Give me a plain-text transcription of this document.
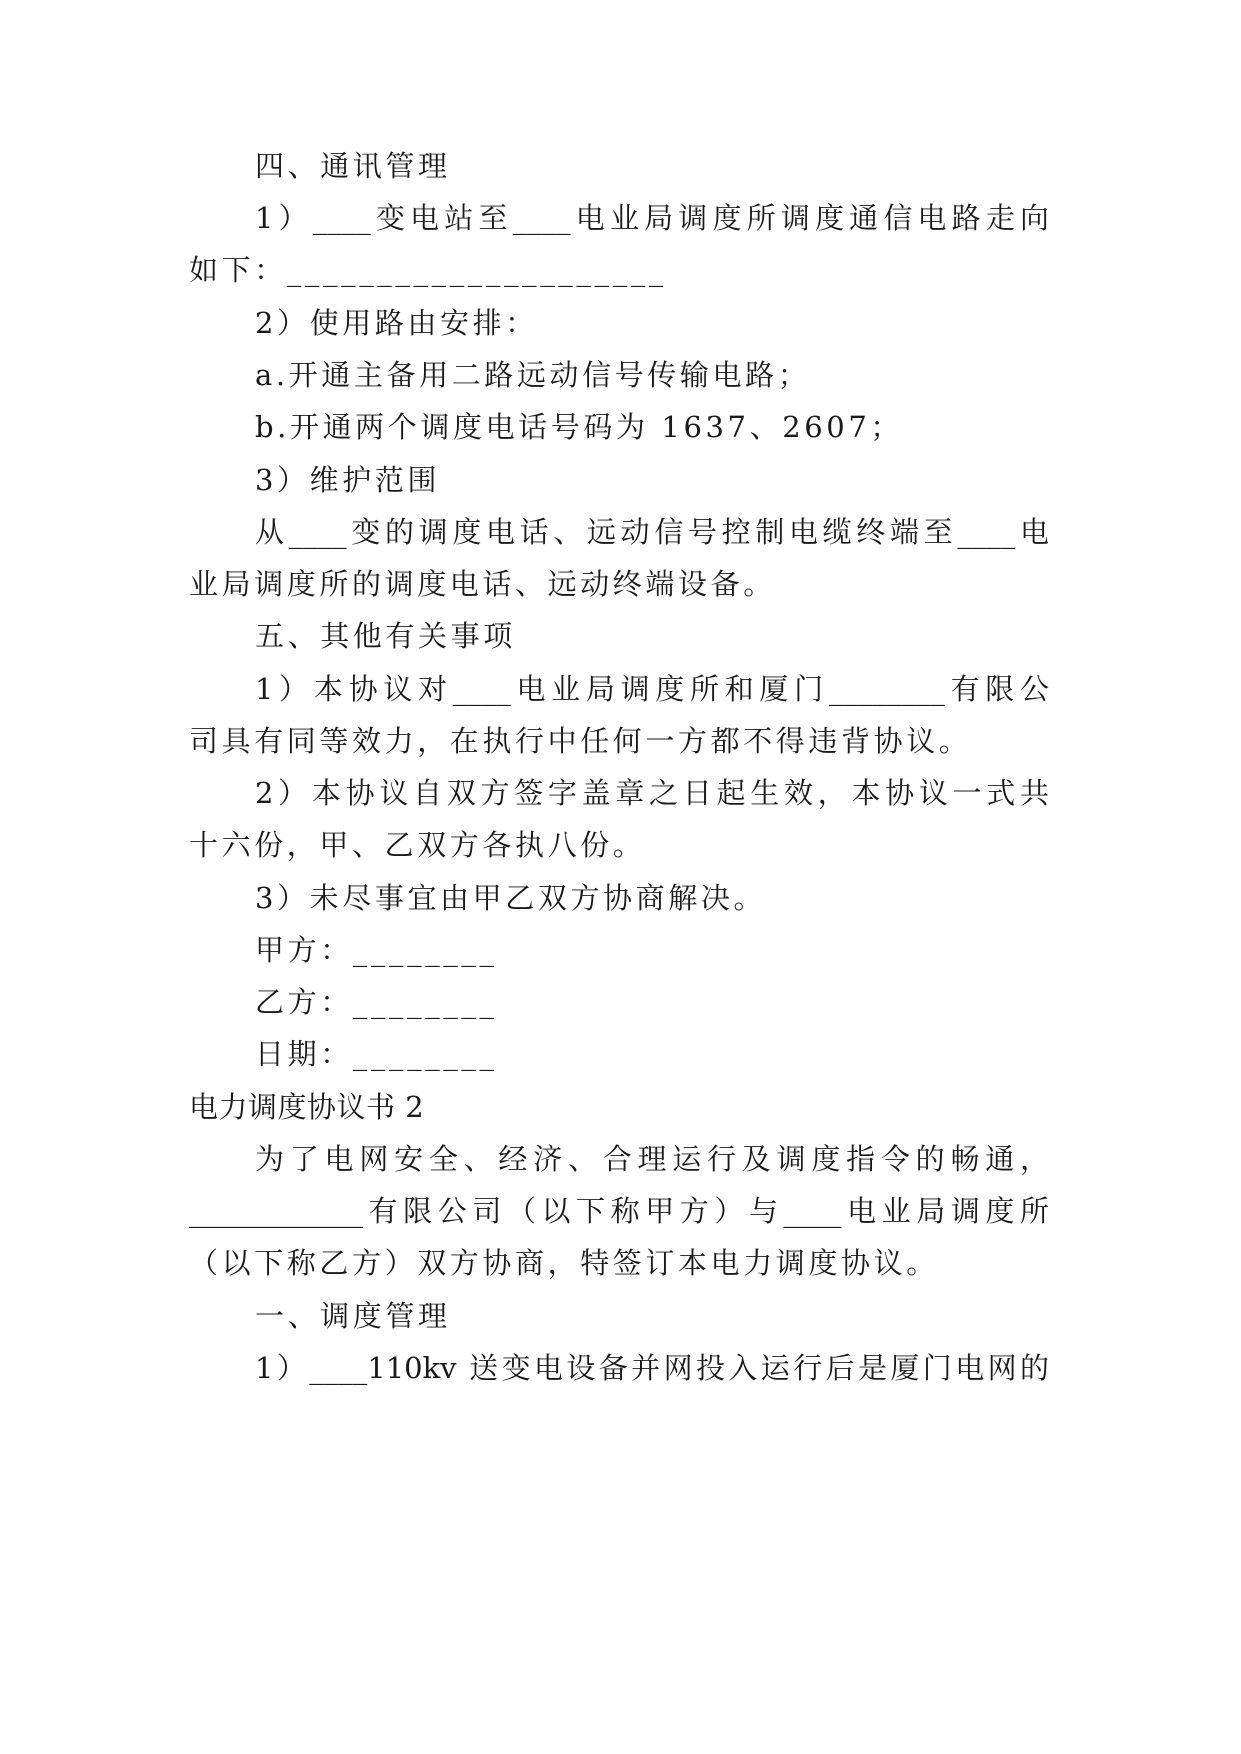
四、通讯管理
1）____变电站至____电业局调度所调度通信电路走向
如下：_____________________
2）使用路由安排：
a.开通主备用二路远动信号传输电路；
b.开通两个调度电话号码为 1637、2607；
3）维护范围
从____变的调度电话、远动信号控制电缆终端至____电
业局调度所的调度电话、远动终端设备。
五、其他有关事项
1）本协议对____电业局调度所和厦门________有限公
司具有同等效力，在执行中任何一方都不得违背协议。
2）本协议自双方签字盖章之日起生效，本协议一式共
十六份，甲、乙双方各执八份。
3）未尽事宜由甲乙双方协商解决。
甲方：________
乙方：________
日期：________
电力调度协议书 2
为了电网安全、经济、合理运行及调度指令的畅通，
____________有限公司（以下称甲方）与____电业局调度所
（以下称乙方）双方协商，特签订本电力调度协议。
一、调度管理
1）____110kv 送变电设备并网投入运行后是厦门电网的
